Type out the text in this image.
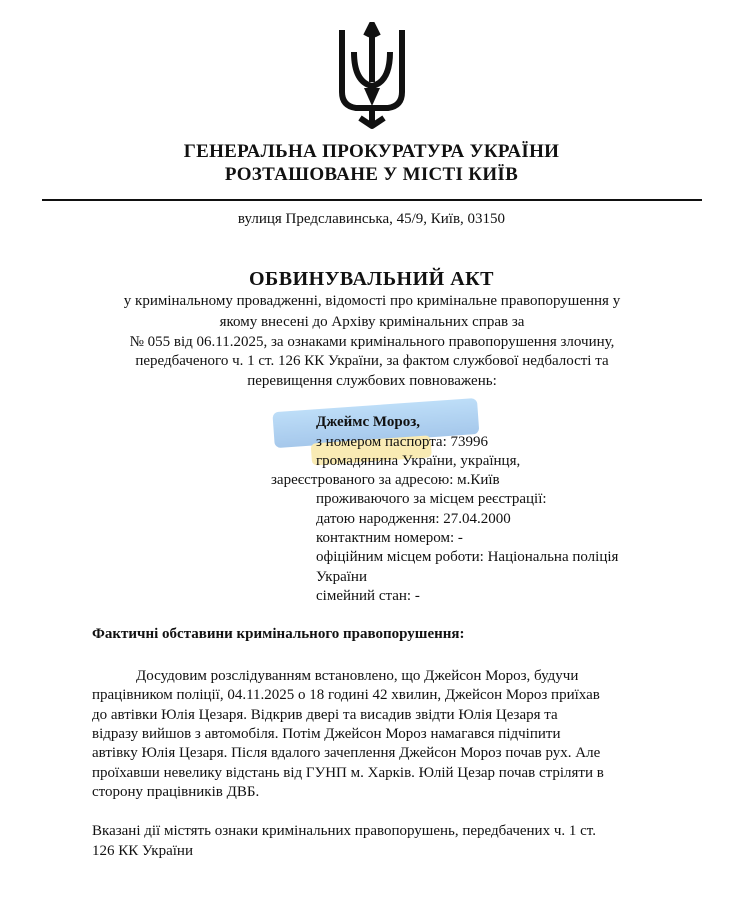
ГЕНЕРАЛЬНА ПРОКУРАТУРА УКРАЇНИ
РОЗТАШОВАНЕ У МІСТІ КИЇВ
вулиця Предславинська, 45/9, Київ, 03150
ОБВИНУВАЛЬНИЙ АКТ
у кримінальному провадженні, відомості про кримінальне правопорушення у
якому внесені до Архіву кримінальних справ за
№ 055 від 06.11.2025, за ознаками кримінального правопорушення злочину,
передбаченого ч. 1 ст. 126 КК України, за фактом службової недбалості та
перевищення службових повноважень:
Джеймс Мороз,
з номером паспорта: 73996
громадянина України, українця,
зареєстрованого за адресою: м.Київ
проживаючого за місцем реєстрації:
датою народження: 27.04.2000
контактним номером: -
офіційним місцем роботи: Національна поліція
України
сімейний стан: -
Фактичні обставини кримінального правопорушення:
Досудовим розслідуванням встановлено, що Джейсон Мороз, будучи
працівником поліції, 04.11.2025 о 18 годині 42 хвилин, Джейсон Мороз приїхав
до автівки Юлія Цезаря. Відкрив двері та висадив звідти Юлія Цезаря та
відразу вийшов з автомобіля. Потім Джейсон Мороз намагався підчіпити
автівку Юлія Цезаря. Після вдалого зачеплення Джейсон Мороз почав рух. Але
проїхавши невелику відстань від ГУНП м. Харків. Юлій Цезар почав стріляти в
сторону працівників ДВБ.
Вказані дії містять ознаки кримінальних правопорушень, передбачених ч. 1 ст.
126 КК України
